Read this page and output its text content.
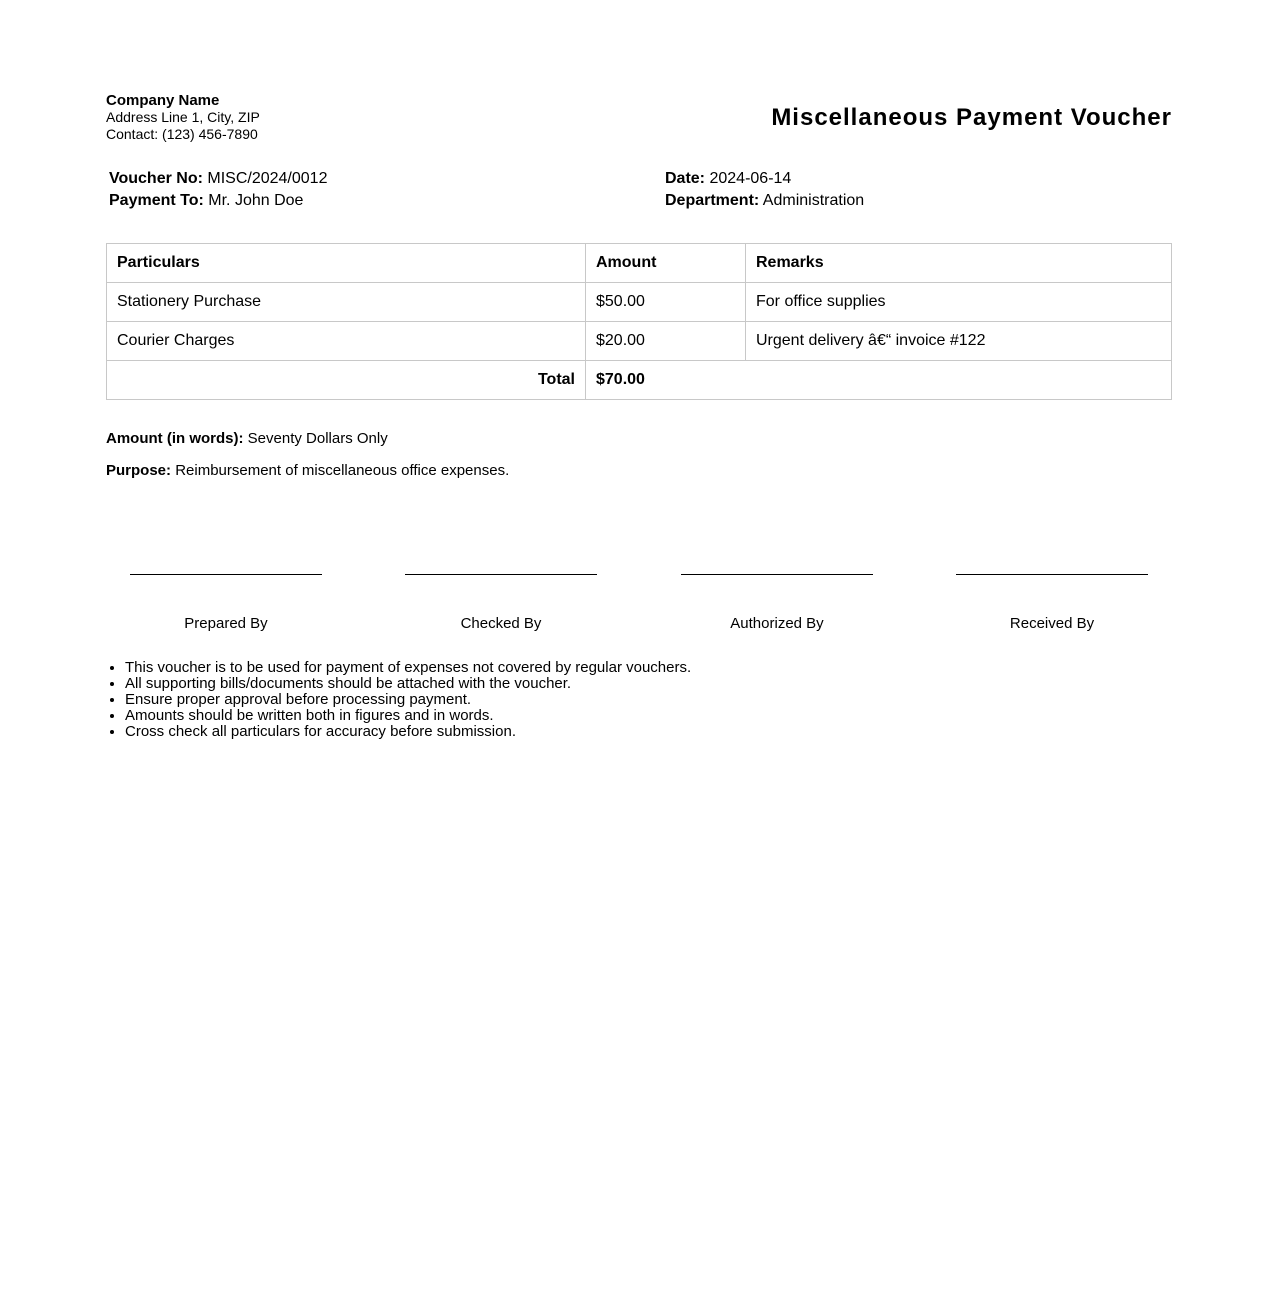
Company Name
Address Line 1, City, ZIP
Contact: (123) 456-7890
Miscellaneous Payment Voucher
Voucher No: MISC/2024/0012
Payment To: Mr. John Doe
Date: 2024-06-14
Department: Administration
Particulars	Amount	Remarks
Stationery Purchase	$50.00	For office supplies
Courier Charges	$20.00	Urgent delivery â€“ invoice #122
Total	$70.00	
Amount (in words): Seventy Dollars Only
Purpose: Reimbursement of miscellaneous office expenses.
Prepared By	Checked By	Authorized By	Received By
• This voucher is to be used for payment of expenses not covered by regular vouchers.
• All supporting bills/documents should be attached with the voucher.
• Ensure proper approval before processing payment.
• Amounts should be written both in figures and in words.
• Cross check all particulars for accuracy before submission.
